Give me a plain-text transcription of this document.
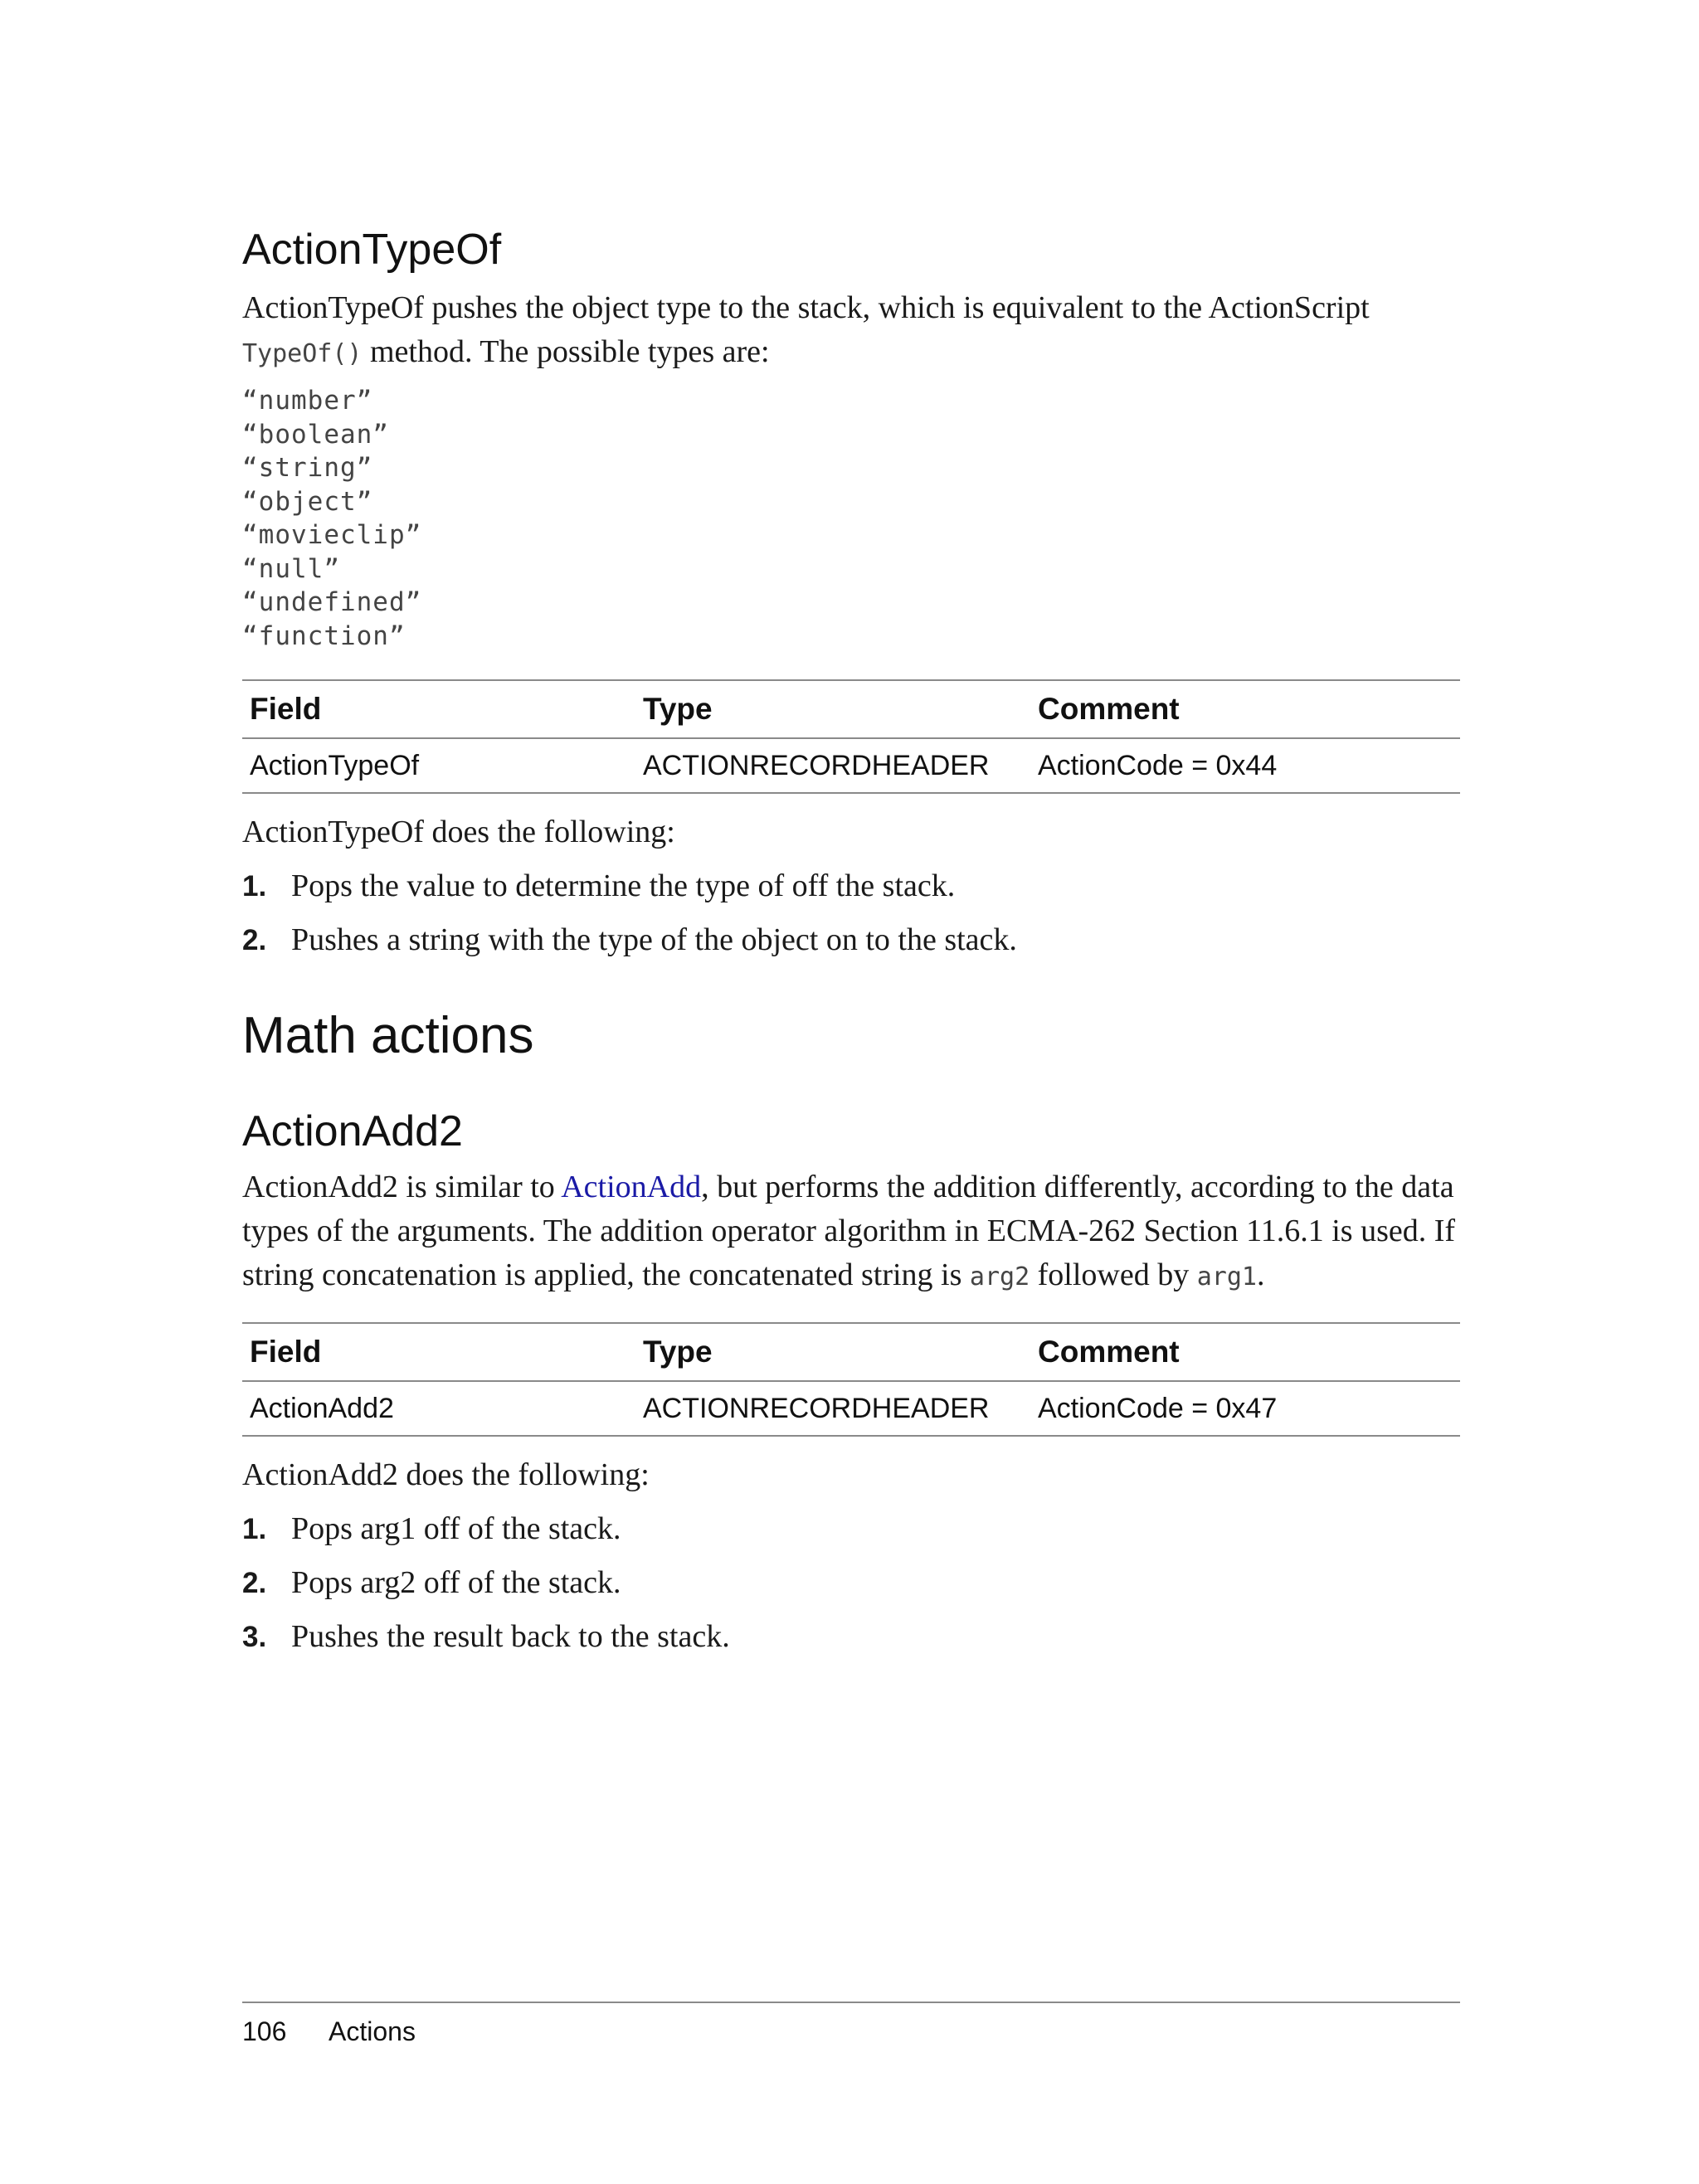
ActionTypeOf

ActionTypeOf pushes the object type to the stack, which is equivalent to the ActionScript TypeOf() method. The possible types are:

“number”
“boolean”
“string”
“object”
“movieclip”
“null”
“undefined”
“function”
Field	Type	Comment
ActionTypeOf	ACTIONRECORDHEADER	ActionCode = 0x44

ActionTypeOf does the following:

1. Pops the value to determine the type of off the stack.
2. Pushes a string with the type of the object on to the stack.
Math actions
ActionAdd2

ActionAdd2 is similar to ActionAdd, but performs the addition differently, according to the data types of the arguments. The addition operator algorithm in ECMA-262 Section 11.6.1 is used. If string concatenation is applied, the concatenated string is arg2 followed by arg1.

Field	Type	Comment
ActionAdd2	ACTIONRECORDHEADER	ActionCode = 0x47

ActionAdd2 does the following:

1. Pops arg1 off of the stack.
2. Pops arg2 off of the stack.
3. Pushes the result back to the stack.
106	Actions
